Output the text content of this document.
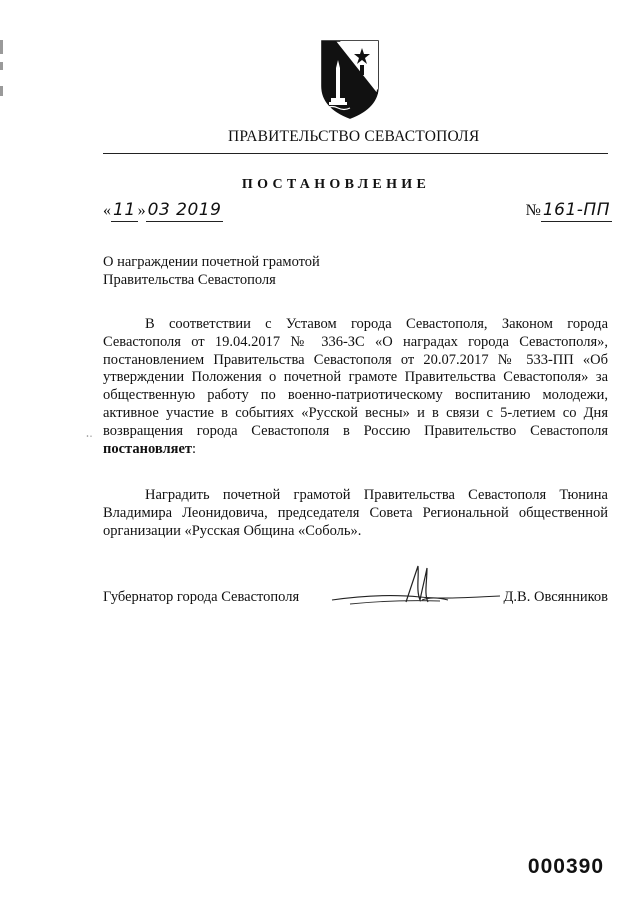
ПРАВИТЕЛЬСТВО СЕВАСТОПОЛЯ
ПОСТАНОВЛЕНИЕ
« 11 » 03 2019	№ 161-ПП
О награждении почетной грамотой
Правительства Севастополя
В соответствии с Уставом города Севастополя, Законом города Севастополя от 19.04.2017 № 336-ЗС «О наградах города Севастополя», постановлением Правительства Севастополя от 20.07.2017 № 533-ПП «Об утверждении Положения о почетной грамоте Правительства Севастополя» за общественную работу по военно-патриотическому воспитанию молодежи, активное участие в событиях «Русской весны» и в связи с 5-летием со Дня возвращения города Севастополя в Россию Правительство Севастополя постановляет:
Наградить почетной грамотой Правительства Севастополя Тюнина Владимира Леонидовича, председателя Совета Региональной общественной организации «Русская Община «Соболь».
Губернатор города Севастополя	Д.В. Овсянников
000390
